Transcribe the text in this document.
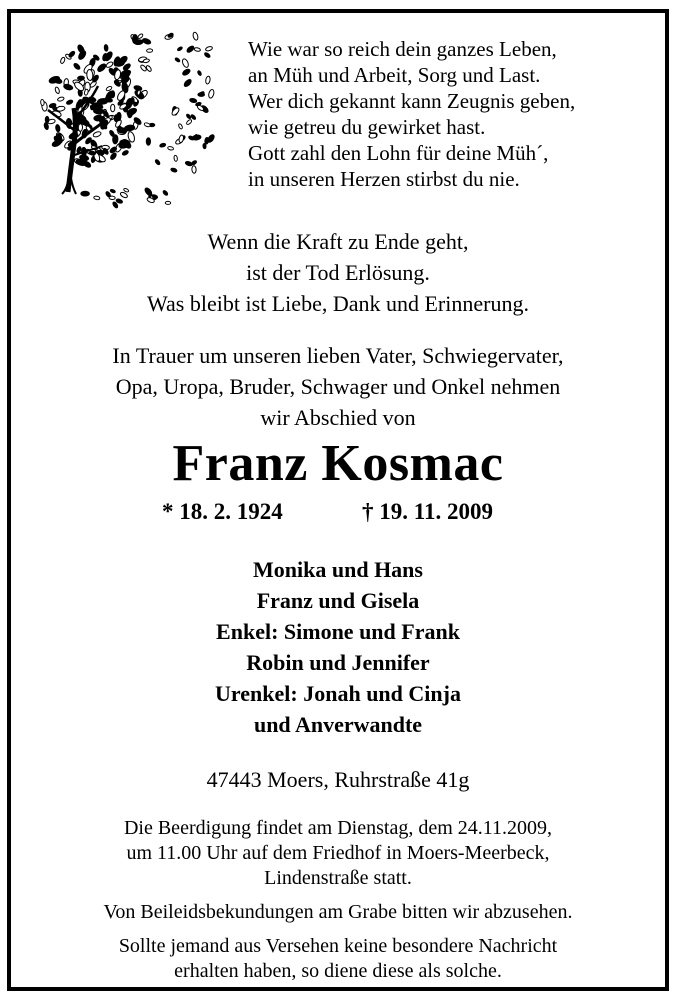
Wie war so reich dein ganzes Leben,
an Müh und Arbeit, Sorg und Last.
Wer dich gekannt kann Zeugnis geben,
wie getreu du gewirket hast.
Gott zahl den Lohn für deine Müh´,
in unseren Herzen stirbst du nie.
Wenn die Kraft zu Ende geht,
ist der Tod Erlösung.
Was bleibt ist Liebe, Dank und Erinnerung.
In Trauer um unseren lieben Vater, Schwiegervater,
Opa, Uropa, Bruder, Schwager und Onkel nehmen
wir Abschied von
Franz Kosmac
* 18. 2. 1924	† 19. 11. 2009
Monika und Hans
Franz und Gisela
Enkel: Simone und Frank
Robin und Jennifer
Urenkel: Jonah und Cinja
und Anverwandte
47443 Moers, Ruhrstraße 41g
Die Beerdigung findet am Dienstag, dem 24.11.2009,
um 11.00 Uhr auf dem Friedhof in Moers-Meerbeck,
Lindenstraße statt.
Von Beileidsbekundungen am Grabe bitten wir abzusehen.
Sollte jemand aus Versehen keine besondere Nachricht
erhalten haben, so diene diese als solche.
